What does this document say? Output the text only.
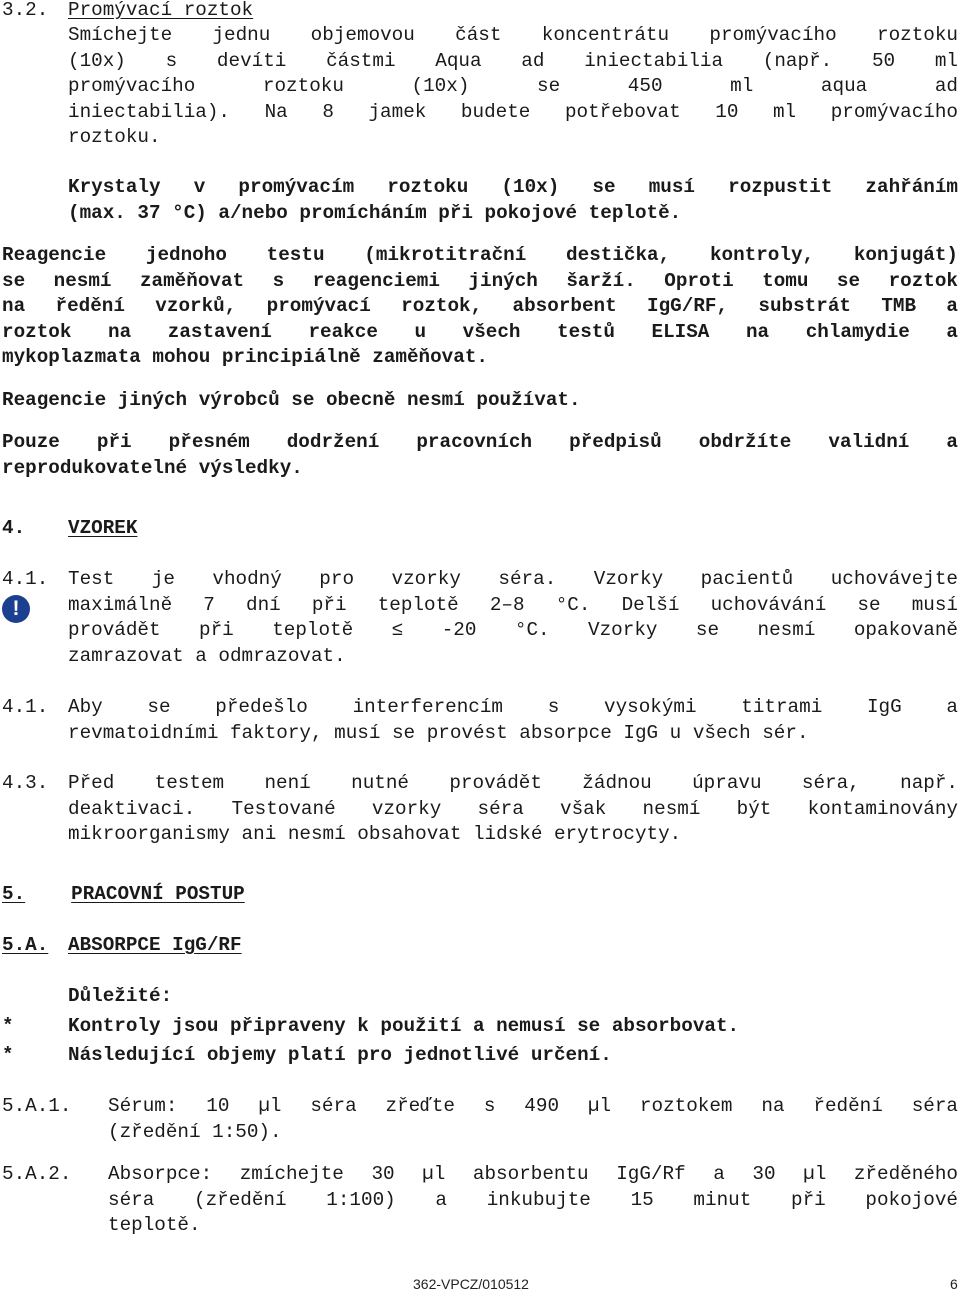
3.2. Promývací roztok
Smíchejte jednu objemovou část koncentrátu promývacího roztoku
(10x) s devíti částmi Aqua ad iniectabilia (např. 50 ml
promývacího roztoku (10x) se 450 ml aqua ad
iniectabilia). Na 8 jamek budete potřebovat 10 ml promývacího
roztoku.
Krystaly v promývacím roztoku (10x) se musí rozpustit zahřáním
(max. 37 °C) a/nebo promícháním při pokojové teplotě.
Reagencie jednoho testu (mikrotitrační destička, kontroly, konjugát)
se nesmí zaměňovat s reagenciemi jiných šarží. Oproti tomu se roztok
na ředění vzorků, promývací roztok, absorbent IgG/RF, substrát TMB a
roztok na zastavení reakce u všech testů ELISA na chlamydie a
mykoplazmata mohou principiálně zaměňovat.
Reagencie jiných výrobců se obecně nesmí používat.
Pouze při přesném dodržení pracovních předpisů obdržíte validní a
reprodukovatelné výsledky.
4. VZOREK
4.1.
!
Test je vhodný pro vzorky séra. Vzorky pacientů uchovávejte
maximálně 7 dní při teplotě 2–8 °C. Delší uchovávání se musí
provádět při teplotě ≤ -20 °C. Vzorky se nesmí opakovaně
zamrazovat a odmrazovat.
4.1. Aby se předešlo interferencím s vysokými titrami IgG a
revmatoidními faktory, musí se provést absorpce IgG u všech sér.
4.3. Před testem není nutné provádět žádnou úpravu séra, např.
deaktivaci. Testované vzorky séra však nesmí být kontaminovány
mikroorganismy ani nesmí obsahovat lidské erytrocyty.
5. PRACOVNÍ POSTUP
5.A. ABSORPCE IgG/RF
Důležité:
*	Kontroly jsou připraveny k použití a nemusí se absorbovat.
*	Následující objemy platí pro jednotlivé určení.
5.A.1. Sérum: 10 µl séra zřeďte s 490 µl roztokem na ředění séra
(zředění 1:50).
5.A.2. Absorpce: zmíchejte 30 µl absorbentu IgG/Rf a 30 µl zředěného
séra (zředění 1:100) a inkubujte 15 minut při pokojové
teplotě.
362-VPCZ/010512	6
